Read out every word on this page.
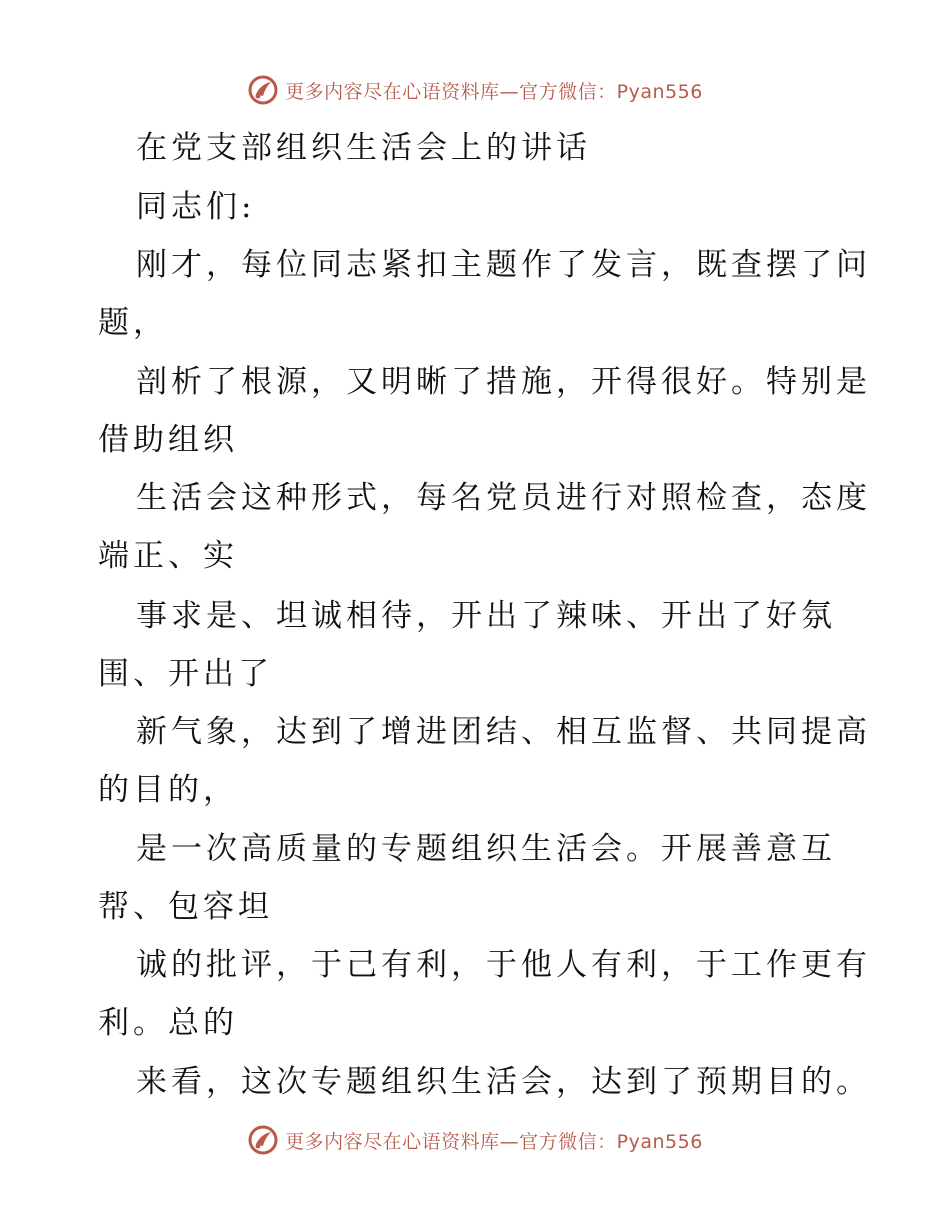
更多内容尽在心语资料库—官方微信：Pyan556
在党支部组织生活会上的讲话
同志们:
刚才，每位同志紧扣主题作了发言，既查摆了问
题，
剖析了根源，又明晰了措施，开得很好。特别是
借助组织
生活会这种形式，每名党员进行对照检查，态度
端正、实
事求是、坦诚相待，开出了辣味、开出了好氛
围、开出了
新气象，达到了增进团结、相互监督、共同提高
的目的，
是一次高质量的专题组织生活会。开展善意互
帮、包容坦
诚的批评，于己有利，于他人有利，于工作更有
利。总的
来看，这次专题组织生活会，达到了预期目的。
更多内容尽在心语资料库—官方微信：Pyan556
